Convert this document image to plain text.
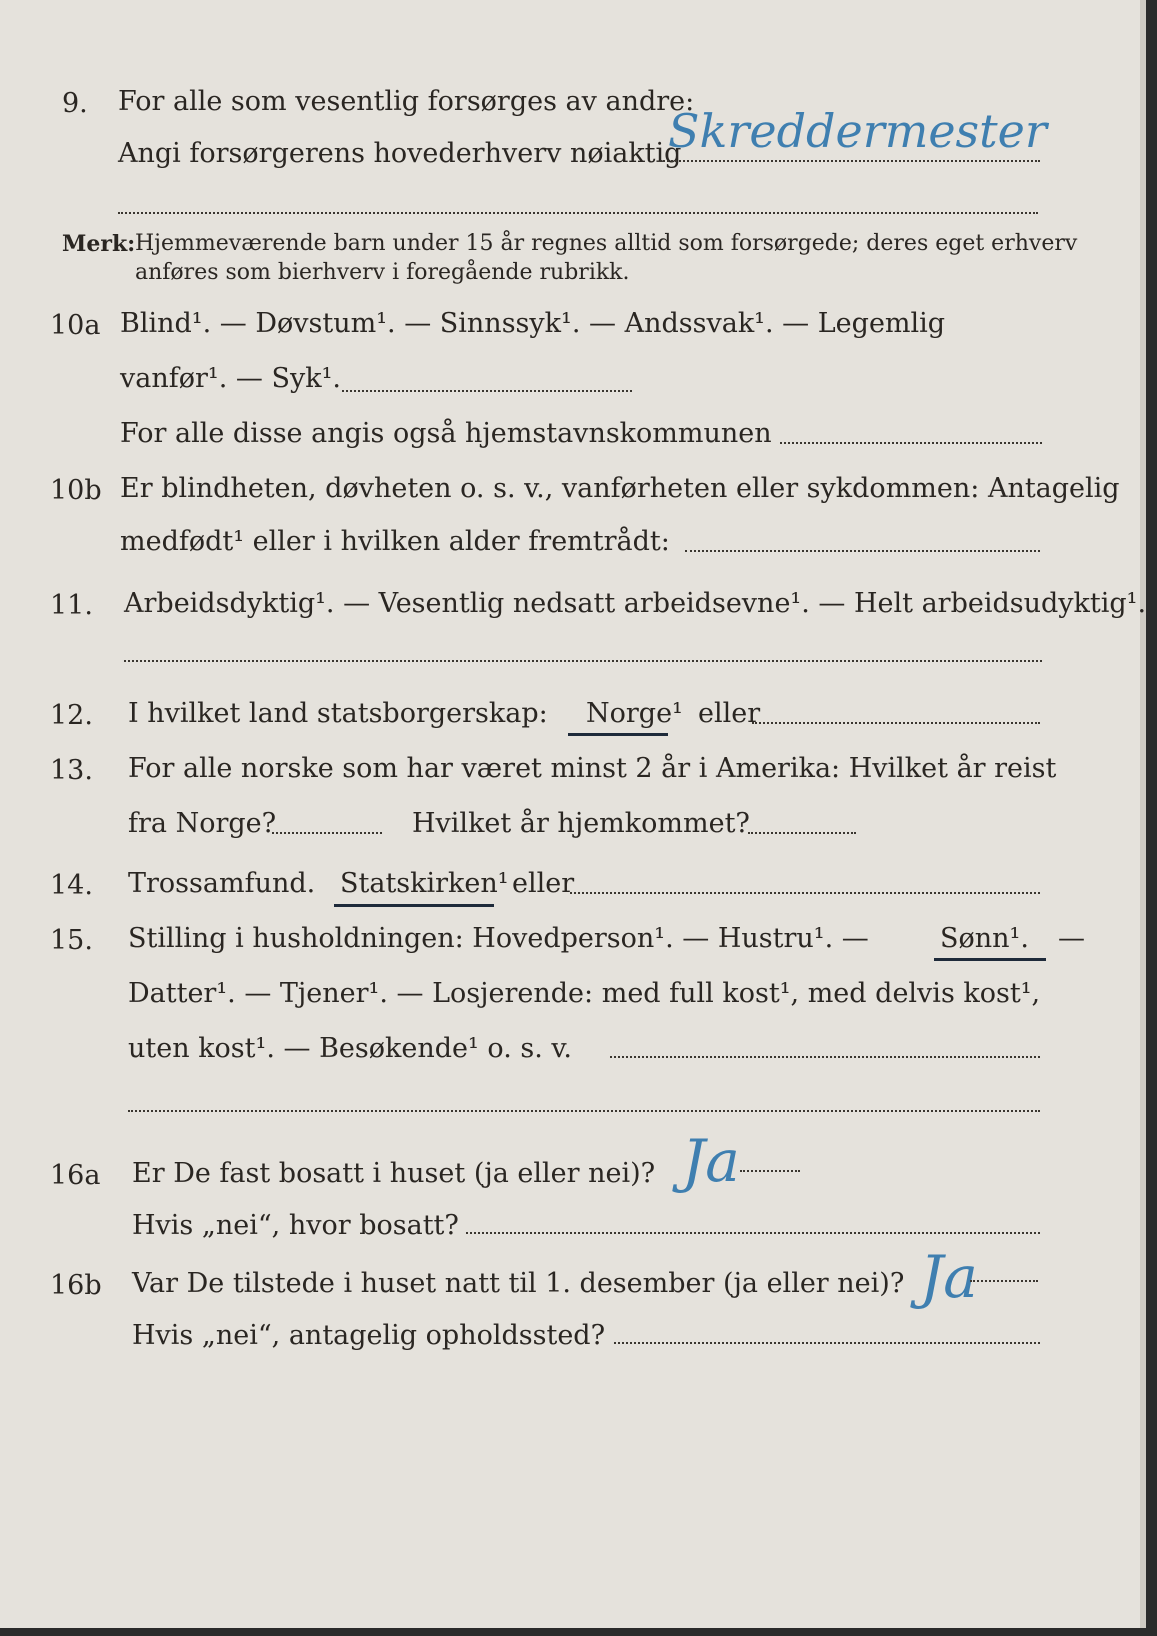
9. For alle som vesentlig forsørges av andre:
Angi forsørgerens hovederhverv nøiaktig
Skreddermester
Merk: Hjemmeværende barn under 15 år regnes alltid som forsørgede; deres eget erhverv
anføres som bierhverv i foregående rubrikk.
10a Blind¹. — Døvstum¹. — Sinnssyk¹. — Andssvak¹. — Legemlig
vanfør¹. — Syk¹.
For alle disse angis også hjemstavnskommunen
10b Er blindheten, døvheten o. s. v., vanførheten eller sykdommen: Antagelig
medfødt¹ eller i hvilken alder fremtrådt:
11. Arbeidsdyktig¹. — Vesentlig nedsatt arbeidsevne¹. — Helt arbeidsudyktig¹.
12. I hvilket land statsborgerskap: Norge¹ eller
13. For alle norske som har været minst 2 år i Amerika: Hvilket år reist
fra Norge?	Hvilket år hjemkommet?
14. Trossamfund. Statskirken¹ eller
15. Stilling i husholdningen: Hovedperson¹. — Hustru¹. —	Sønn¹. —
Datter¹. — Tjener¹. — Losjerende: med full kost¹, med delvis kost¹,
uten kost¹. — Besøkende¹ o. s. v.
16a Er De fast bosatt i huset (ja eller nei)? Ja
Hvis „nei“, hvor bosatt?
16b Var De tilstede i huset natt til 1. desember (ja eller nei)? Ja
Hvis „nei“, antagelig opholdssted?
